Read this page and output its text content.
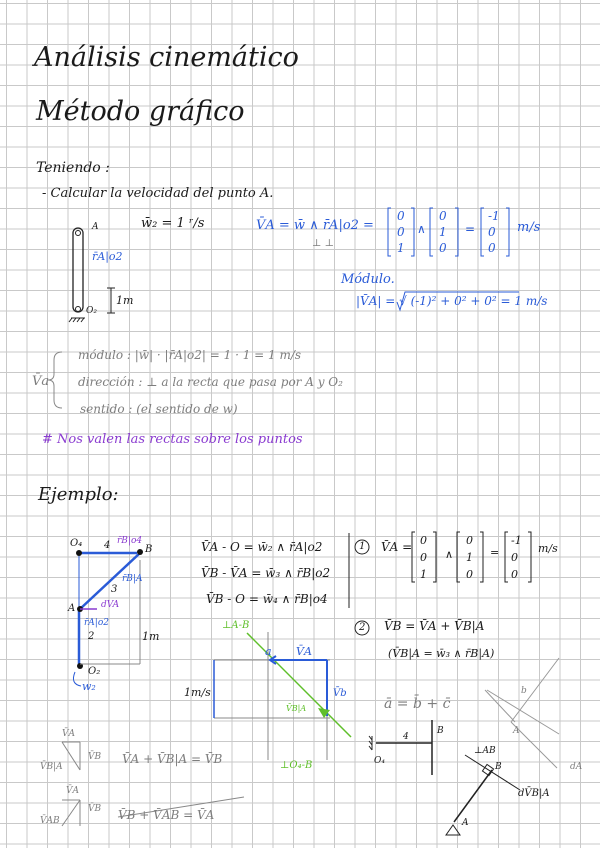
Análisis cinemático
Método gráfico
Teniendo :
- Calcular la velocidad del punto A.
A
r̄A|o2
O₂
1m
w̄₂ = 1 ʳ/s	V̄A = w̄ ∧ r̄A|o2 =
⊥ ⊥
0
0
1
∧
0
1
0
=
-1
0
0
m/s
Módulo.
|V̄A| = √ (-1)² + 0² + 0² = 1 m/s
V̄a
módulo : |w̄| · |r̄A|o2| = 1 · 1 = 1 m/s
dirección : ⊥ a la recta que pasa por A y O₂
sentido : (el sentido de w)
# Nos valen las rectas sobre los puntos
Ejemplo:
O₄ 4 r̄B|o4
B
r̄B|A
3
dVA
A
r̄A|o2
2	1m
O₂
w₂
V̄A - O = w̄₂ ∧ r̄A|o2
V̄B - V̄A = w̄₃ ∧ r̄B|o2
V̄B - O = w̄₄ ∧ r̄B|o4
1 V̄A = 0
0
1
∧
0
1
0
=
-1
0
0
m/s
2 V̄B = V̄A + V̄B|A
(V̄B|A = w̄₃ ∧ r̄B|A)
ā = b̄ + c̄
⊥A-B
a V̄A
V̄b
V̄B|A
1m/s
⊥O₄-B
b
A
dA
V̄A
V̄B
V̄B|A
V̄A + V̄B|A = V̄B
V̄A
V̄B
V̄AB	V̄B + V̄AB = V̄A
4
B
O₄
⊥AB
B
dV̄B|A
A
